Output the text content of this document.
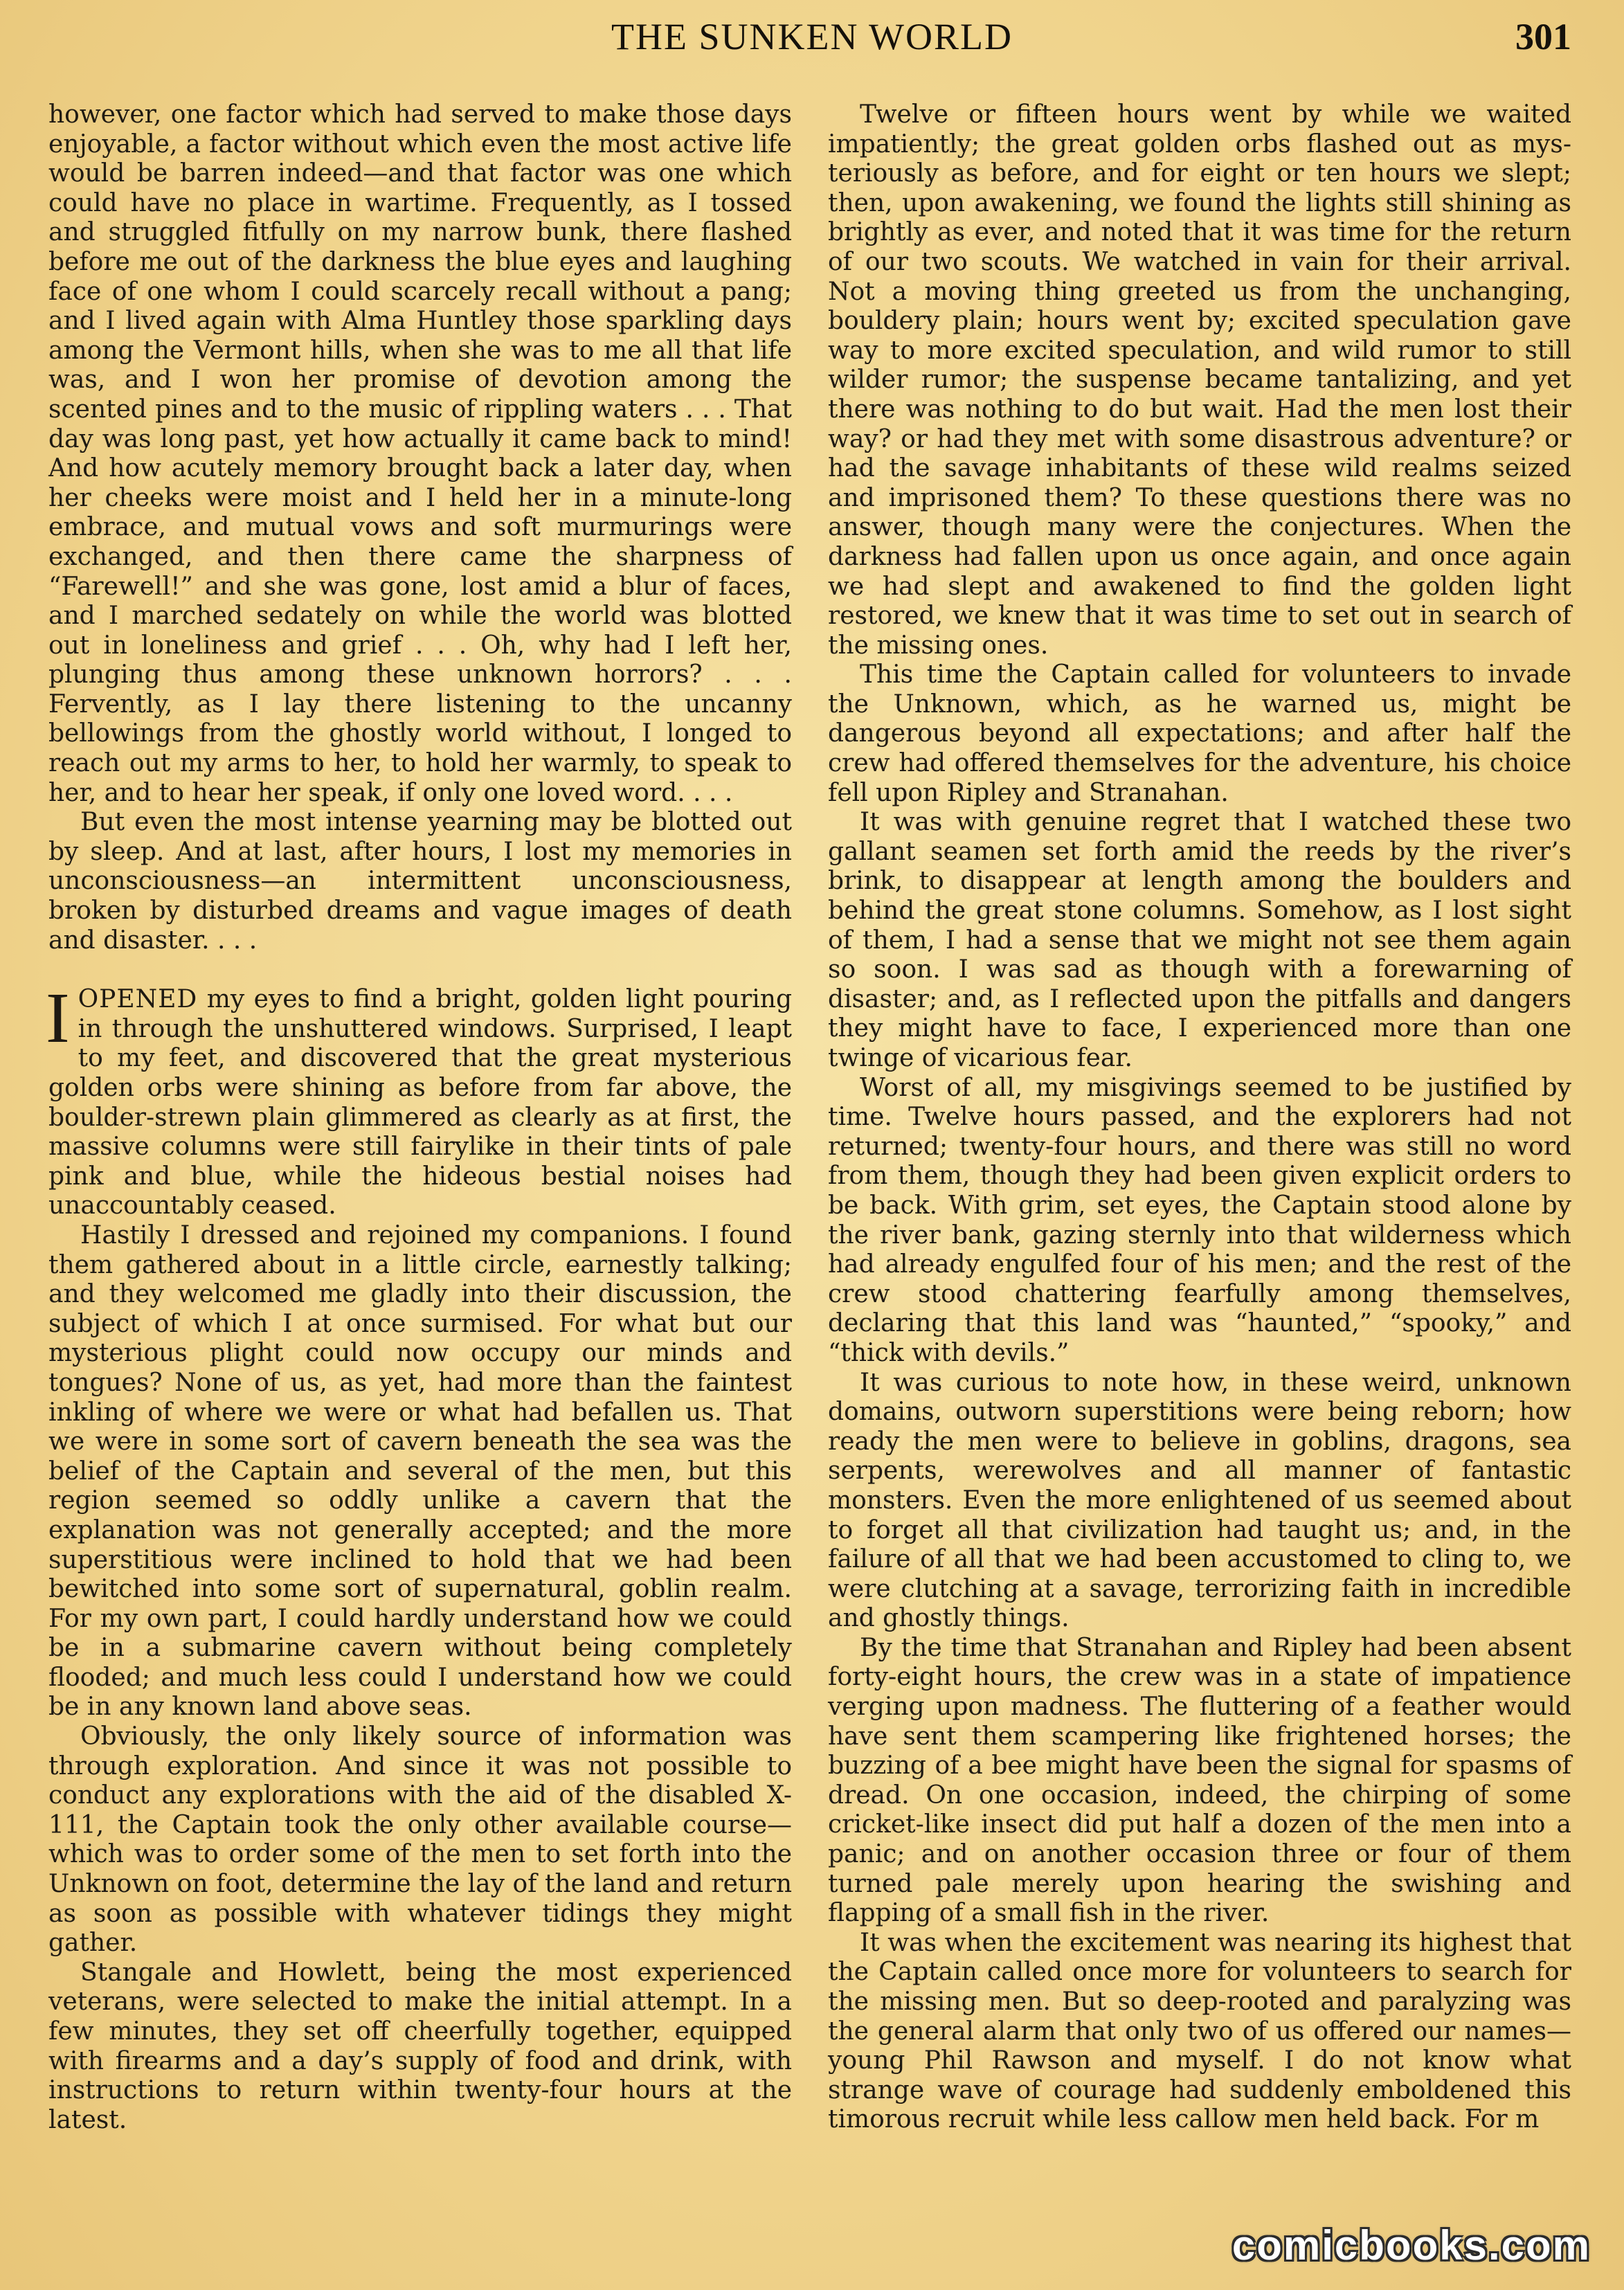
THE SUNKEN WORLD	301

however, one factor which had served to make those days enjoyable, a factor without which even the most active life would be barren indeed—and that factor was one which could have no place in wartime. Frequently, as I tossed and struggled fitfully on my narrow bunk, there flashed before me out of the darkness the blue eyes and laughing face of one whom I could scarcely recall without a pang; and I lived again with Alma Huntley those sparkling days among the Vermont hills, when she was to me all that life was, and I won her promise of devotion among the scented pines and to the music of rippling waters . . . That day was long past, yet how actually it came back to mind! And how acutely memory brought back a later day, when her cheeks were moist and I held her in a minute-long embrace, and mutual vows and soft murmurings were exchanged, and then there came the sharpness of “Farewell!” and she was gone, lost amid a blur of faces, and I marched sedately on while the world was blotted out in loneliness and grief . . . Oh, why had I left her, plunging thus among these unknown horrors? . . . Fervently, as I lay there listening to the uncanny bellowings from the ghostly world without, I longed to reach out my arms to her, to hold her warmly, to speak to her, and to hear her speak, if only one loved word. . . .

But even the most intense yearning may be blotted out by sleep. And at last, after hours, I lost my memories in unconsciousness—an intermittent unconsciousness, broken by disturbed dreams and vague images of death and disaster. . . .

IOPENED my eyes to find a bright, golden light pouring in through the unshuttered windows. Surprised, I leapt to my feet, and discovered that the great mysterious golden orbs were shining as before from far above, the boulder-strewn plain glimmered as clearly as at first, the massive columns were still fairylike in their tints of pale pink and blue, while the hideous bestial noises had unaccountably ceased.

Hastily I dressed and rejoined my companions. I found them gathered about in a little circle, earnestly talking; and they welcomed me gladly into their discussion, the subject of which I at once surmised. For what but our mysterious plight could now occupy our minds and tongues? None of us, as yet, had more than the faintest inkling of where we were or what had befallen us. That we were in some sort of cavern beneath the sea was the belief of the Captain and several of the men, but this region seemed so oddly unlike a cavern that the explanation was not generally accepted; and the more superstitious were inclined to hold that we had been bewitched into some sort of supernatural, goblin realm. For my own part, I could hardly understand how we could be in a submarine cavern without being completely flooded; and much less could I understand how we could be in any known land above seas.

Obviously, the only likely source of information was through exploration. And since it was not possible to conduct any explorations with the aid of the disabled X-111, the Captain took the only other available course—which was to order some of the men to set forth into the Unknown on foot, determine the lay of the land and return as soon as possible with whatever tidings they might gather.

Stangale and Howlett, being the most experienced veterans, were selected to make the initial attempt. In a few minutes, they set off cheerfully together, equipped with firearms and a day’s supply of food and drink, with instructions to return within twenty-four hours at the latest.

Twelve or fifteen hours went by while we waited impatiently; the great golden orbs flashed out as mysteriously as before, and for eight or ten hours we slept; then, upon awakening, we found the lights still shining as brightly as ever, and noted that it was time for the return of our two scouts. We watched in vain for their arrival. Not a moving thing greeted us from the unchanging, bouldery plain; hours went by; excited speculation gave way to more excited speculation, and wild rumor to still wilder rumor; the suspense became tantalizing, and yet there was nothing to do but wait. Had the men lost their way? or had they met with some disastrous adventure? or had the savage inhabitants of these wild realms seized and imprisoned them? To these questions there was no answer, though many were the conjectures. When the darkness had fallen upon us once again, and once again we had slept and awakened to find the golden light restored, we knew that it was time to set out in search of the missing ones.

This time the Captain called for volunteers to invade the Unknown, which, as he warned us, might be dangerous beyond all expectations; and after half the crew had offered themselves for the adventure, his choice fell upon Ripley and Stranahan.

It was with genuine regret that I watched these two gallant seamen set forth amid the reeds by the river’s brink, to disappear at length among the boulders and behind the great stone columns. Somehow, as I lost sight of them, I had a sense that we might not see them again so soon. I was sad as though with a forewarning of disaster; and, as I reflected upon the pitfalls and dangers they might have to face, I experienced more than one twinge of vicarious fear.

Worst of all, my misgivings seemed to be justified by time. Twelve hours passed, and the explorers had not returned; twenty-four hours, and there was still no word from them, though they had been given explicit orders to be back. With grim, set eyes, the Captain stood alone by the river bank, gazing sternly into that wilderness which had already engulfed four of his men; and the rest of the crew stood chattering fearfully among themselves, declaring that this land was “haunted,” “spooky,” and “thick with devils.”

It was curious to note how, in these weird, unknown domains, outworn superstitions were being reborn; how ready the men were to believe in goblins, dragons, sea serpents, werewolves and all manner of fantastic monsters. Even the more enlightened of us seemed about to forget all that civilization had taught us; and, in the failure of all that we had been accustomed to cling to, we were clutching at a savage, terrorizing faith in incredible and ghostly things.

By the time that Stranahan and Ripley had been absent forty-eight hours, the crew was in a state of impatience verging upon madness. The fluttering of a feather would have sent them scampering like frightened horses; the buzzing of a bee might have been the signal for spasms of dread. On one occasion, indeed, the chirping of some cricket-like insect did put half a dozen of the men into a panic; and on another occasion three or four of them turned pale merely upon hearing the swishing and flapping of a small fish in the river.

It was when the excitement was nearing its highest that the Captain called once more for volunteers to search for the missing men. But so deep-rooted and paralyzing was the general alarm that only two of us offered our names—young Phil Rawson and myself. I do not know what strange wave of courage had suddenly emboldened this timorous recruit while less callow men held back. For m

comicbooks.com
